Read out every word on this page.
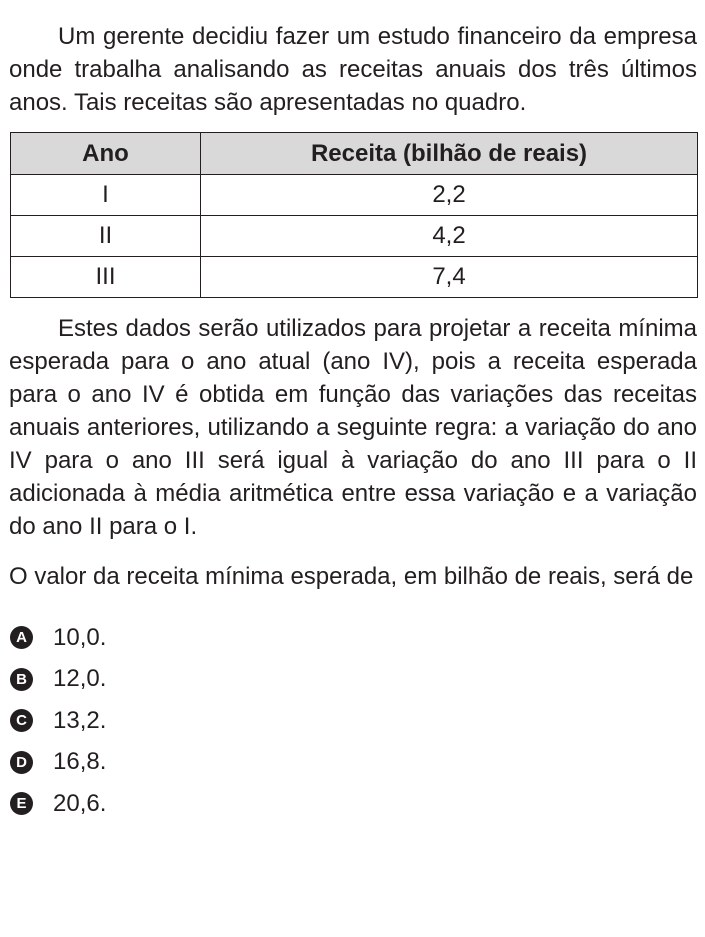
Um gerente decidiu fazer um estudo financeiro da empresa onde trabalha analisando as receitas anuais dos três últimos anos. Tais receitas são apresentadas no quadro.

Ano	Receita (bilhão de reais)
I	2,2
II	4,2
III	7,4

Estes dados serão utilizados para projetar a receita mínima esperada para o ano atual (ano IV), pois a receita esperada para o ano IV é obtida em função das variações das receitas anuais anteriores, utilizando a seguinte regra: a variação do ano IV para o ano III será igual à variação do ano III para o II adicionada à média aritmética entre essa variação e a variação do ano II para o I.

O valor da receita mínima esperada, em bilhão de reais, será de

A 10,0.
B 12,0.
C 13,2.
D 16,8.
E 20,6.
